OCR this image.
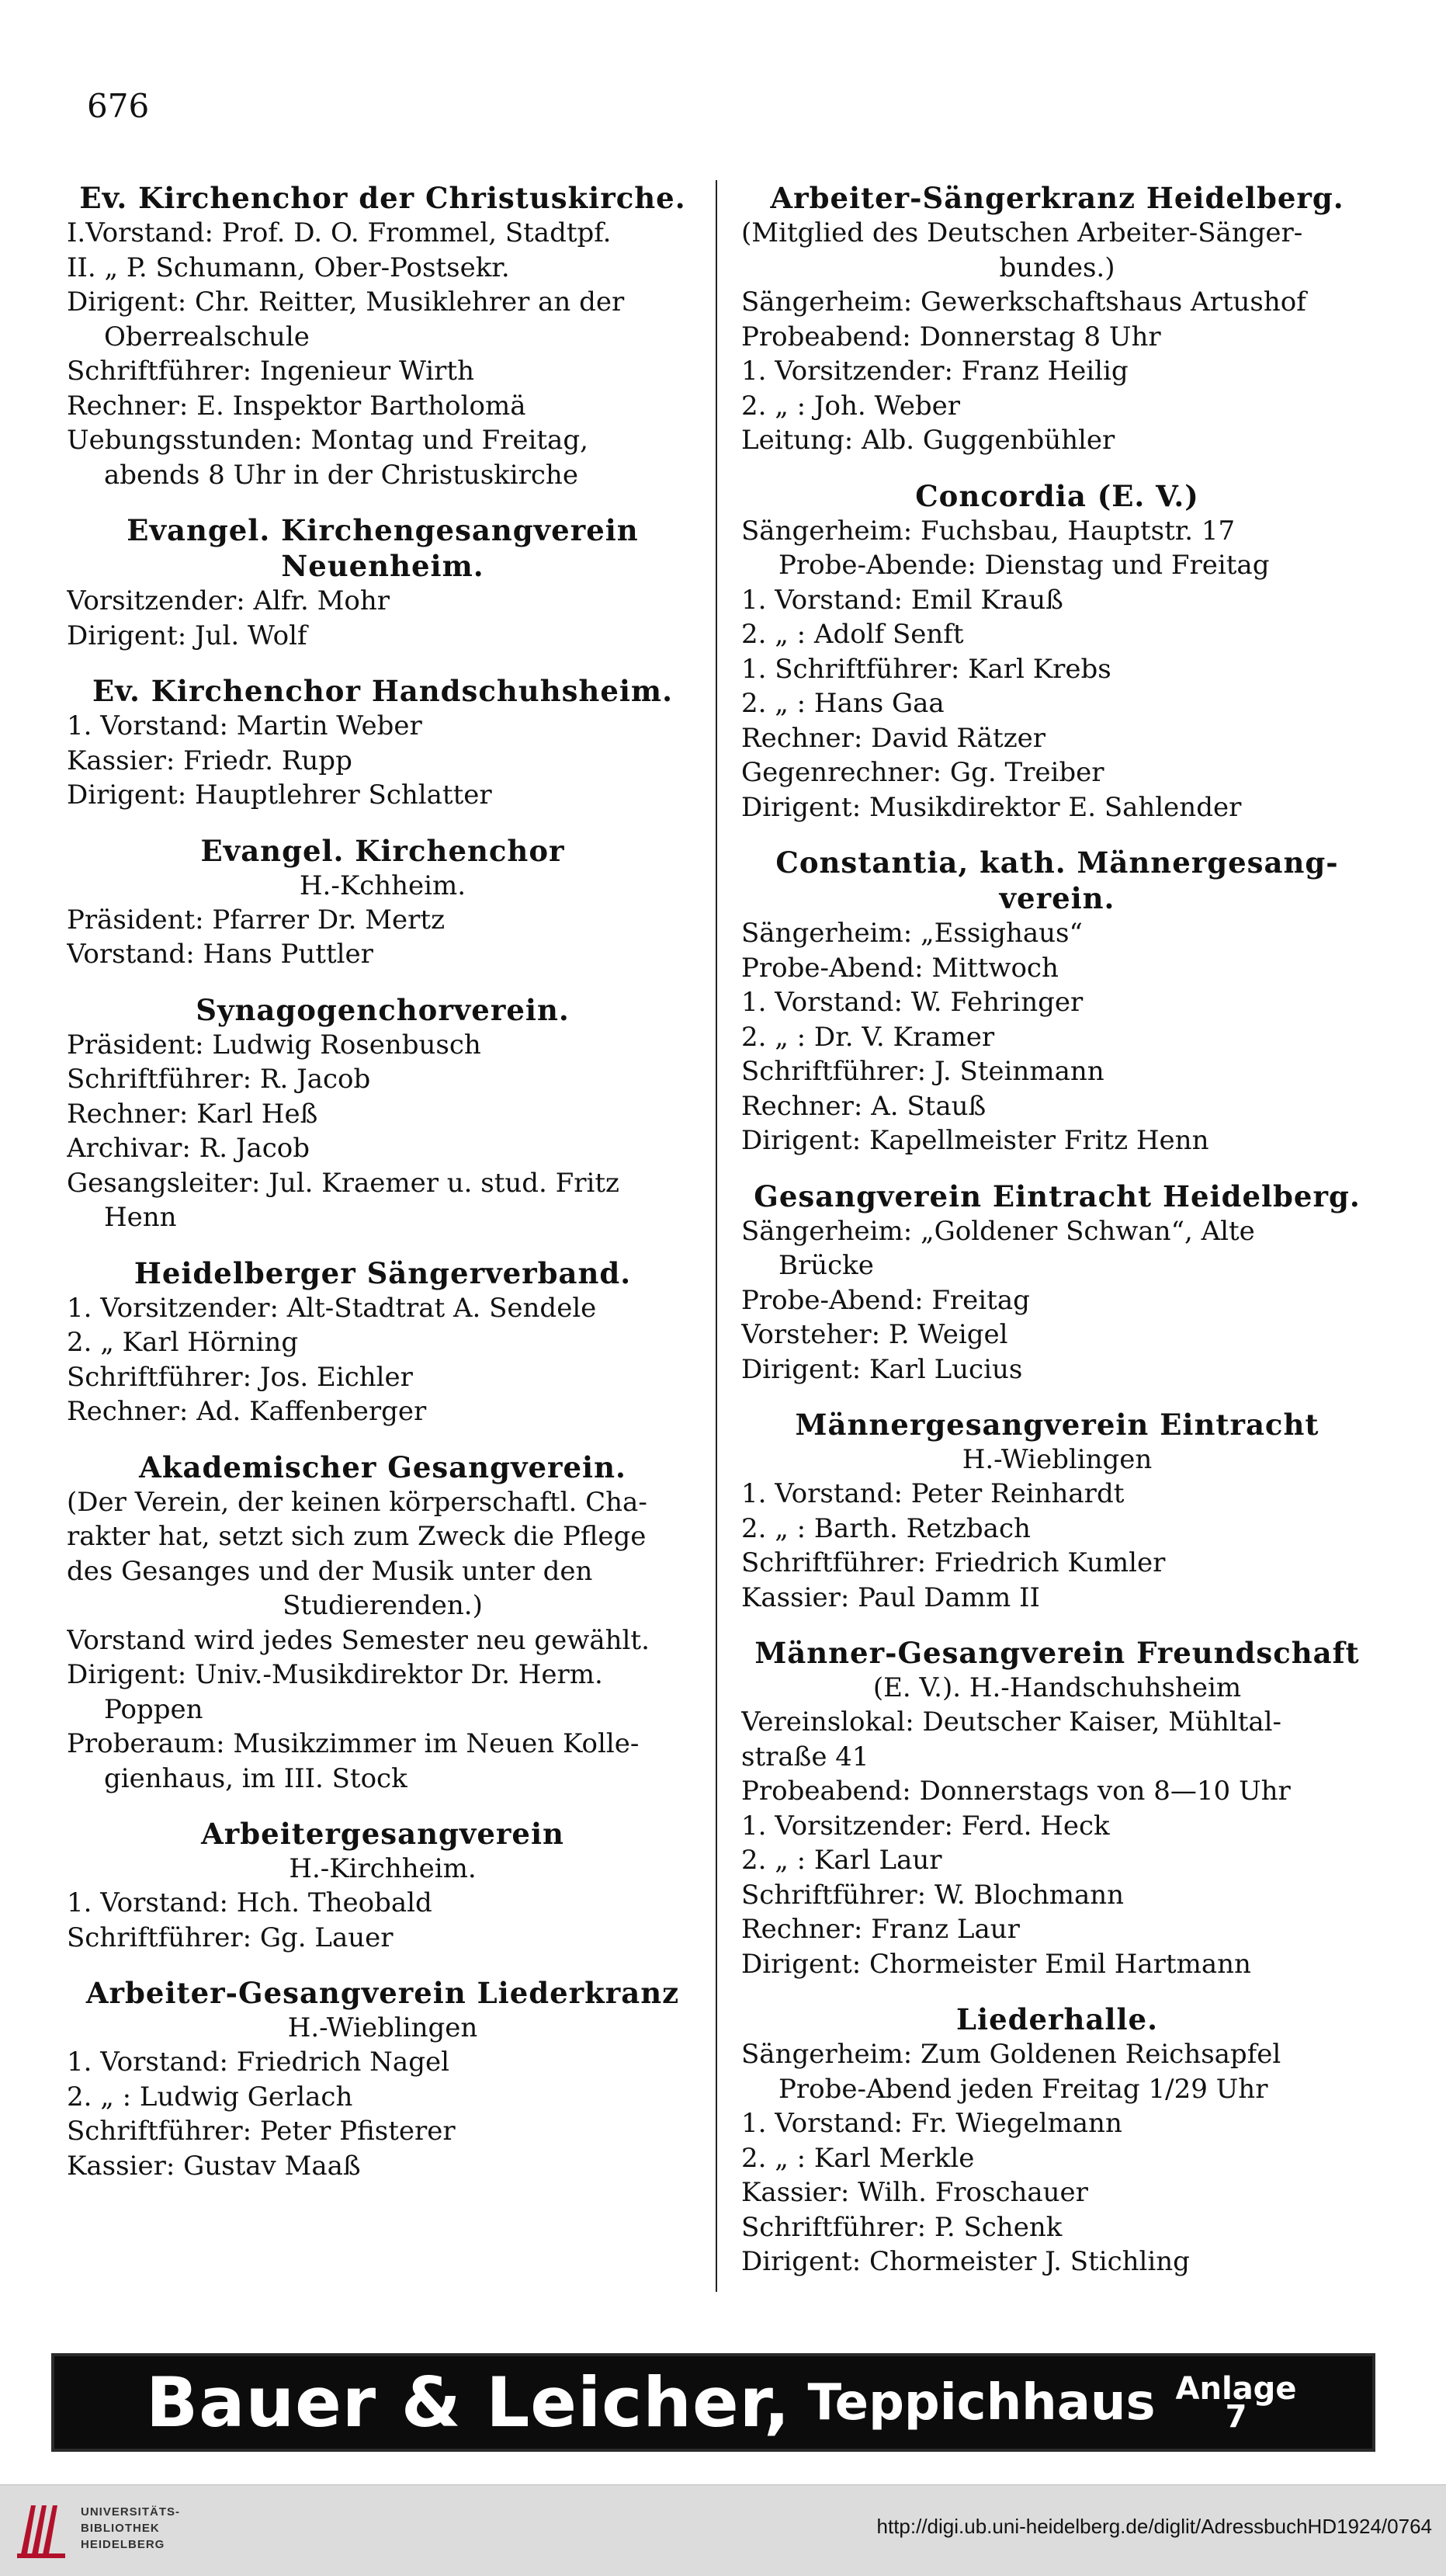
676
Ev. Kirchenchor der Christuskirche.
I.Vorstand: Prof. D. O. Frommel, Stadtpf.
II. „ P. Schumann, Ober-Postsekr.
Dirigent: Chr. Reitter, Musiklehrer an der
Oberrealschule
Schriftführer: Ingenieur Wirth
Rechner: E. Inspektor Bartholomä
Uebungsstunden: Montag und Freitag,
abends 8 Uhr in der Christuskirche
Evangel. Kirchengesangverein
Neuenheim.
Vorsitzender: Alfr. Mohr
Dirigent: Jul. Wolf
Ev. Kirchenchor Handschuhsheim.
1. Vorstand: Martin Weber
Kassier: Friedr. Rupp
Dirigent: Hauptlehrer Schlatter
Evangel. Kirchenchor
H.-Kchheim.
Präsident: Pfarrer Dr. Mertz
Vorstand: Hans Puttler
Synagogenchorverein.
Präsident: Ludwig Rosenbusch
Schriftführer: R. Jacob
Rechner: Karl Heß
Archivar: R. Jacob
Gesangsleiter: Jul. Kraemer u. stud. Fritz
Henn
Heidelberger Sängerverband.
1. Vorsitzender: Alt-Stadtrat A. Sendele
2. „ Karl Hörning
Schriftführer: Jos. Eichler
Rechner: Ad. Kaffenberger
Akademischer Gesangverein.
(Der Verein, der keinen körperschaftl. Cha-
rakter hat, setzt sich zum Zweck die Pflege
des Gesanges und der Musik unter den
Studierenden.)
Vorstand wird jedes Semester neu gewählt.
Dirigent: Univ.-Musikdirektor Dr. Herm.
Poppen
Proberaum: Musikzimmer im Neuen Kolle-
gienhaus, im III. Stock
Arbeitergesangverein
H.-Kirchheim.
1. Vorstand: Hch. Theobald
Schriftführer: Gg. Lauer
Arbeiter-Gesangverein Liederkranz
H.-Wieblingen
1. Vorstand: Friedrich Nagel
2. „ : Ludwig Gerlach
Schriftführer: Peter Pfisterer
Kassier: Gustav Maaß
Arbeiter-Sängerkranz Heidelberg.
(Mitglied des Deutschen Arbeiter-Sänger-
bundes.)
Sängerheim: Gewerkschaftshaus Artushof
Probeabend: Donnerstag 8 Uhr
1. Vorsitzender: Franz Heilig
2. „ : Joh. Weber
Leitung: Alb. Guggenbühler
Concordia (E. V.)
Sängerheim: Fuchsbau, Hauptstr. 17
Probe-Abende: Dienstag und Freitag
1. Vorstand: Emil Krauß
2. „ : Adolf Senft
1. Schriftführer: Karl Krebs
2. „ : Hans Gaa
Rechner: David Rätzer
Gegenrechner: Gg. Treiber
Dirigent: Musikdirektor E. Sahlender
Constantia, kath. Männergesang-
verein.
Sängerheim: „Essighaus“
Probe-Abend: Mittwoch
1. Vorstand: W. Fehringer
2. „ : Dr. V. Kramer
Schriftführer: J. Steinmann
Rechner: A. Stauß
Dirigent: Kapellmeister Fritz Henn
Gesangverein Eintracht Heidelberg.
Sängerheim: „Goldener Schwan“, Alte
Brücke
Probe-Abend: Freitag
Vorsteher: P. Weigel
Dirigent: Karl Lucius
Männergesangverein Eintracht
H.-Wieblingen
1. Vorstand: Peter Reinhardt
2. „ : Barth. Retzbach
Schriftführer: Friedrich Kumler
Kassier: Paul Damm II
Männer-Gesangverein Freundschaft
(E. V.). H.-Handschuhsheim
Vereinslokal: Deutscher Kaiser, Mühltal-
straße 41
Probeabend: Donnerstags von 8—10 Uhr
1. Vorsitzender: Ferd. Heck
2. „ : Karl Laur
Schriftführer: W. Blochmann
Rechner: Franz Laur
Dirigent: Chormeister Emil Hartmann
Liederhalle.
Sängerheim: Zum Goldenen Reichsapfel
Probe-Abend jeden Freitag 1/29 Uhr
1. Vorstand: Fr. Wiegelmann
2. „ : Karl Merkle
Kassier: Wilh. Froschauer
Schriftführer: P. Schenk
Dirigent: Chormeister J. Stichling
Bauer & Leicher, Teppichhaus Anlage
7
UNIVERSITÄTS-
BIBLIOTHEK
HEIDELBERG
http://digi.ub.uni-heidelberg.de/diglit/AdressbuchHD1924/0764
